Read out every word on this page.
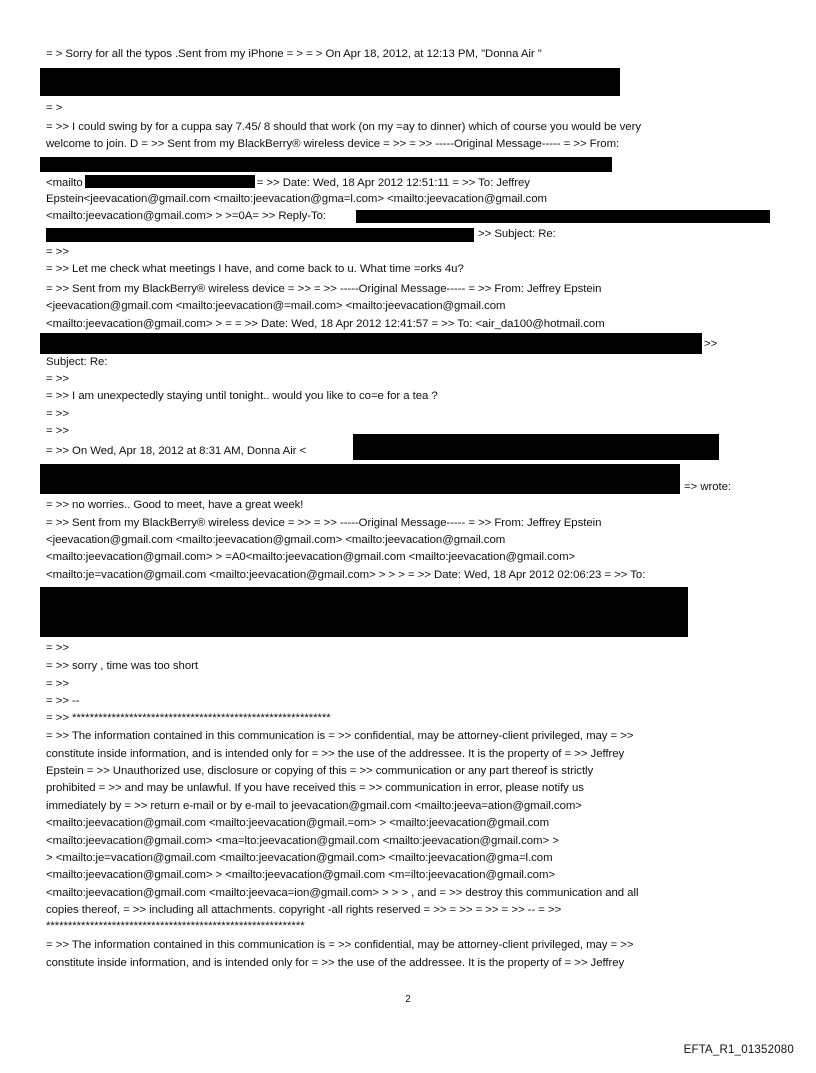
= > Sorry for all the typos .Sent from my iPhone = > = > On Apr 18, 2012, at 12:13 PM, "Donna Air "
= >
= >> I could swing by for a cuppa say 7.45/ 8 should that work (on my =ay to dinner) which of course you would be very
welcome to join. D = >> Sent from my BlackBerry® wireless device = >> = >> -----Original Message----- = >> From:
<mailto	= >> Date: Wed, 18 Apr 2012 12:51:11 = >> To: Jeffrey
Epstein<jeevacation@gmail.com <mailto:jeevacation@gma=l.com> <mailto:jeevacation@gmail.com
<mailto:jeevacation@gmail.com> > >=0A= >> Reply-To:
>> Subject: Re:
= >>
= >> Let me check what meetings I have, and come back to u. What time =orks 4u?
= >> Sent from my BlackBerry® wireless device = >> = >> -----Original Message----- = >> From: Jeffrey Epstein
<jeevacation@gmail.com <mailto:jeevacation@=mail.com> <mailto:jeevacation@gmail.com
<mailto:jeevacation@gmail.com> > = = >> Date: Wed, 18 Apr 2012 12:41:57 = >> To: <air_da100@hotmail.com
>>
Subject: Re:
= >>
= >> I am unexpectedly staying until tonight.. would you like to co=e for a tea ?
= >>
= >>
= >> On Wed, Apr 18, 2012 at 8:31 AM, Donna Air <
=> wrote:
= >> no worries.. Good to meet, have a great week!
= >> Sent from my BlackBerry® wireless device = >> = >> -----Original Message----- = >> From: Jeffrey Epstein
<jeevacation@gmail.com <mailto:jeevacation@gmail.com> <mailto:jeevacation@gmail.com
<mailto:jeevacation@gmail.com> > =A0<mailto:jeevacation@gmail.com <mailto:jeevacation@gmail.com>
<mailto:je=vacation@gmail.com <mailto:jeevacation@gmail.com> > > > = >> Date: Wed, 18 Apr 2012 02:06:23 = >> To:
= >>
= >> sorry , time was too short
= >>
= >> --
= >> ***********************************************************
= >> The information contained in this communication is = >> confidential, may be attorney-client privileged, may = >>
constitute inside information, and is intended only for = >> the use of the addressee. It is the property of = >> Jeffrey
Epstein = >> Unauthorized use, disclosure or copying of this = >> communication or any part thereof is strictly
prohibited = >> and may be unlawful. If you have received this = >> communication in error, please notify us
immediately by = >> return e-mail or by e-mail to jeevacation@gmail.com <mailto:jeeva=ation@gmail.com>
<mailto:jeevacation@gmail.com <mailto:jeevacation@gmail.=om> > <mailto:jeevacation@gmail.com
<mailto:jeevacation@gmail.com> <ma=lto:jeevacation@gmail.com <mailto:jeevacation@gmail.com> >
> <mailto:je=vacation@gmail.com <mailto:jeevacation@gmail.com> <mailto:jeevacation@gma=l.com
<mailto:jeevacation@gmail.com> > <mailto:jeevacation@gmail.com <m=ilto:jeevacation@gmail.com>
<mailto:jeevacation@gmail.com <mailto:jeevaca=ion@gmail.com> > > > , and = >> destroy this communication and all
copies thereof, = >> including all attachments. copyright -all rights reserved = >> = >> = >> = >> -- = >>
***********************************************************
= >> The information contained in this communication is = >> confidential, may be attorney-client privileged, may = >>
constitute inside information, and is intended only for = >> the use of the addressee. It is the property of = >> Jeffrey
2
EFTA_R1_01352080
